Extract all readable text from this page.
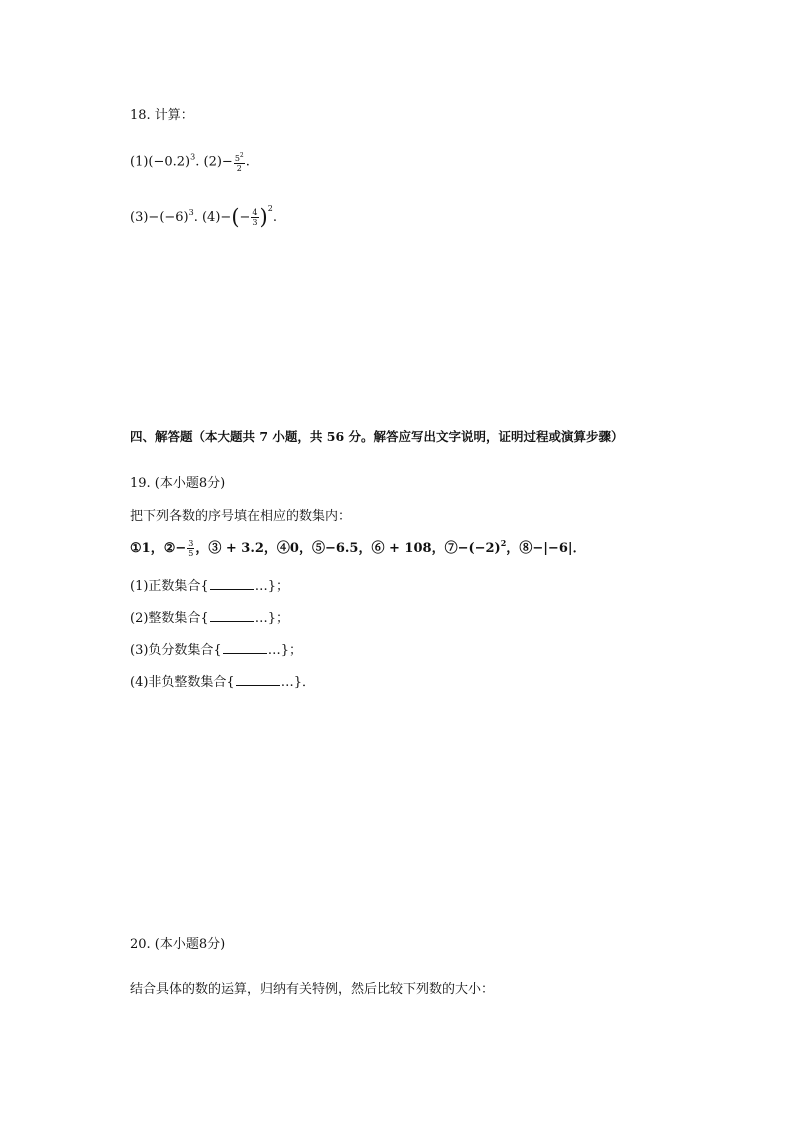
18. 计算：
$(1)(-0.2)^3$. $(2)- \frac{5^2}{2}$ .
$(3)-(-6)^3$. $(4)-(- \frac{4}{3} )^2$.
四、解答题（本大题共 7 小题，共 56 分。解答应写出文字说明，证明过程或演算步骤）
19. (本小题8分)
把下列各数的序号填在相应的数集内：
①1，②− $\frac{3}{5}$ ，③ + 3.2，④0，⑤−6.5，⑥ + 108，$⑦-(-2)^2$，⑧−|−6|．
(1)正数集合{	…}；
(2)整数集合{	…}；
(3)负分数集合{	…}；
(4)非负整数集合{	…}．
20. (本小题8分)
结合具体的数的运算，归纳有关特例，然后比较下列数的大小：
